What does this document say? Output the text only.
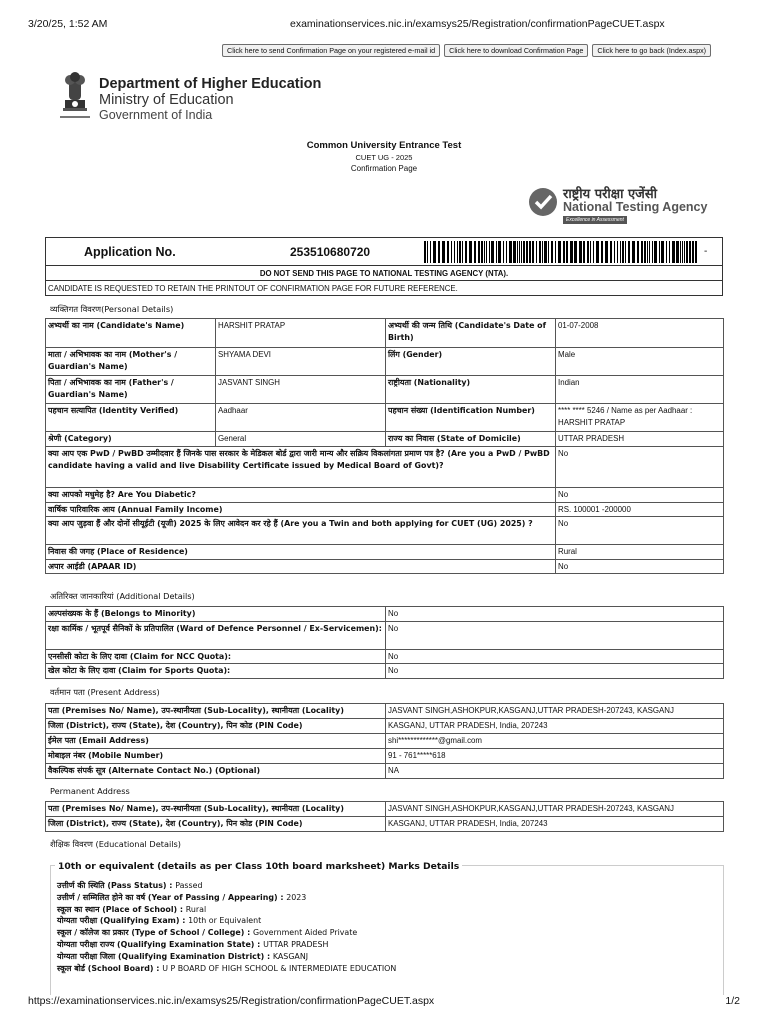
3/20/25, 1:52 AM	examinationservices.nic.in/examsys25/Registration/confirmationPageCUET.aspx
Click here to send Confirmation Page on your registered e-mail id	Click here to download Confirmation Page	Click here to go back (Index.aspx)
Department of Higher Education
Ministry of Education
Government of India
Common University Entrance Test
CUET UG - 2025
Confirmation Page
राष्ट्रीय परीक्षा एजेंसी
National Testing Agency
Excellence in Assessment
Application No.	253510680720	-
DO NOT SEND THIS PAGE TO NATIONAL TESTING AGENCY (NTA).
CANDIDATE IS REQUESTED TO RETAIN THE PRINTOUT OF CONFIRMATION PAGE FOR FUTURE REFERENCE.
व्यक्तिगत विवरण(Personal Details)
अभ्यर्थी का नाम (Candidate's Name)	HARSHIT PRATAP	अभ्यर्थी की जन्म तिथि (Candidate's Date of Birth)	01-07-2008
माता / अभिभावक का नाम (Mother's / Guardian's Name)	SHYAMA DEVI	लिंग (Gender)	Male
पिता / अभिभावक का नाम (Father's / Guardian's Name)	JASVANT SINGH	राष्ट्रीयता (Nationality)	Indian
पहचान सत्यापित (Identity Verified)	Aadhaar	पहचान संख्या (Identification Number)	**** **** 5246 / Name as per Aadhaar : HARSHIT PRATAP
श्रेणी (Category)	General	राज्य का निवास (State of Domicile)	UTTAR PRADESH
क्या आप एक PwD / PwBD उम्मीदवार हैं जिनके पास सरकार के मेडिकल बोर्ड द्वारा जारी मान्य और सक्रिय विकलांगता प्रमाण पत्र है? (Are you a PwD / PwBD candidate having a valid and live Disability Certificate issued by Medical Board of Govt)?			No
क्या आपको मधुमेह है? Are You Diabetic?			No
वार्षिक पारिवारिक आय (Annual Family Income)			RS. 100001 -200000
क्या आप जुड़वा हैं और दोनों सीयूईटी (यूजी) 2025 के लिए आवेदन कर रहे हैं (Are you a Twin and both applying for CUET (UG) 2025) ?			No
निवास की जगह (Place of Residence)			Rural
अपार आईडी (APAAR ID)			No
अतिरिक्त जानकारियां (Additional Details)
अल्पसंख्यक के हैं (Belongs to Minority)	No
रक्षा कार्मिक / भूतपूर्व सैनिकों के प्रतिपालित (Ward of Defence Personnel / Ex-Servicemen):	No
एनसीसी कोटा के लिए दावा (Claim for NCC Quota):	No
खेल कोटा के लिए दावा (Claim for Sports Quota):	No
वर्तमान पता (Present Address)
पता (Premises No/ Name), उप-स्थानीयता (Sub-Locality), स्थानीयता (Locality)	JASVANT SINGH,ASHOKPUR,KASGANJ,UTTAR PRADESH-207243, KASGANJ
जिला (District), राज्य (State), देश (Country), पिन कोड (PIN Code)	KASGANJ, UTTAR PRADESH, India, 207243
ईमेल पता (Email Address)	shi*************@gmail.com
मोबाइल नंबर (Mobile Number)	91 - 761*****618
वैकल्पिक संपर्क सूत्र (Alternate Contact No.) (Optional)	NA
Permanent Address
पता (Premises No/ Name), उप-स्थानीयता (Sub-Locality), स्थानीयता (Locality)	JASVANT SINGH,ASHOKPUR,KASGANJ,UTTAR PRADESH-207243, KASGANJ
जिला (District), राज्य (State), देश (Country), पिन कोड (PIN Code)	KASGANJ, UTTAR PRADESH, India, 207243
शैक्षिक विवरण (Educational Details)
10th or equivalent (details as per Class 10th board marksheet) Marks Details
उत्तीर्ण की स्थिति (Pass Status) : Passed
उत्तीर्ण / सम्मिलित होने का वर्ष (Year of Passing / Appearing) : 2023
स्कूल का स्थान (Place of School) : Rural
योग्यता परीक्षा (Qualifying Exam) : 10th or Equivalent
स्कूल / कॉलेज का प्रकार (Type of School / College) : Government Aided Private
योग्यता परीक्षा राज्य (Qualifying Examination State) : UTTAR PRADESH
योग्यता परीक्षा जिला (Qualifying Examination District) : KASGANJ
स्कूल बोर्ड (School Board) : U P BOARD OF HIGH SCHOOL & INTERMEDIATE EDUCATION
https://examinationservices.nic.in/examsys25/Registration/confirmationPageCUET.aspx	1/2
